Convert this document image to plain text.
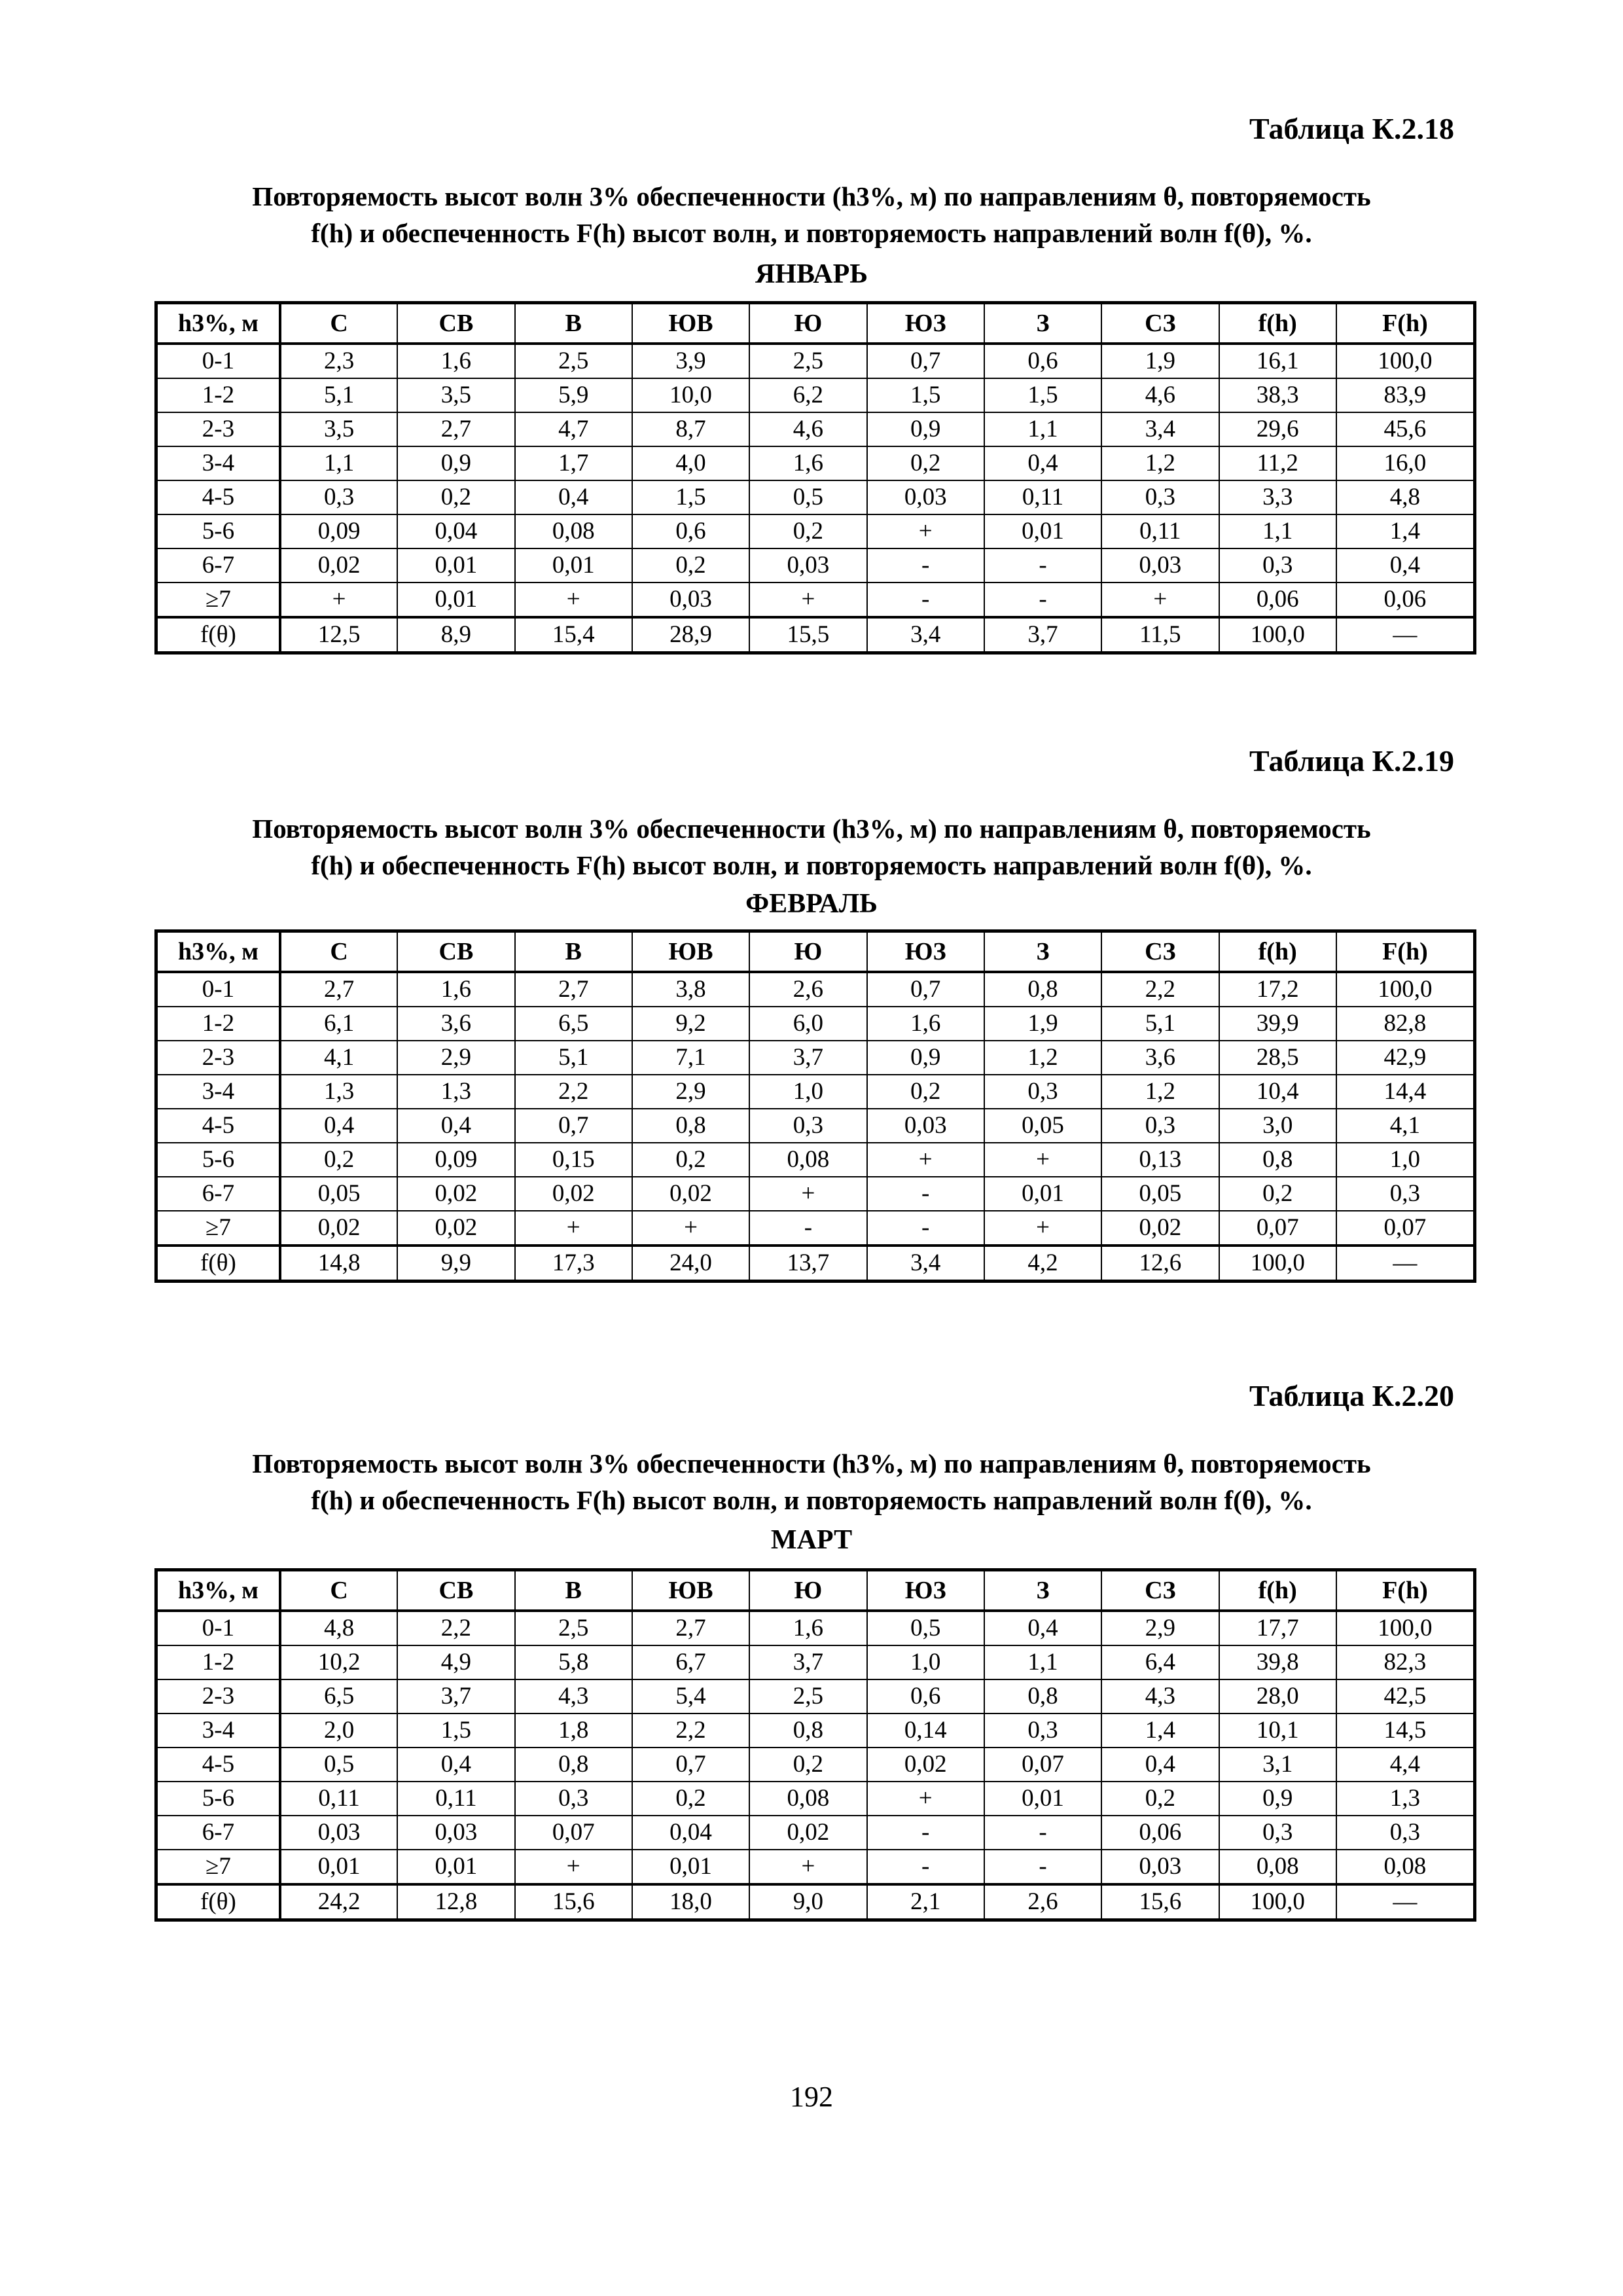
Таблица К.2.18
Повторяемость высот волн 3% обеспеченности (h3%, м) по направлениям θ, повторяемость
f(h) и обеспеченность F(h) высот волн, и повторяемость направлений волн f(θ), %.
ЯНВАРЬ
h3%, м	С	СВ	В	ЮВ	Ю	ЮЗ	З	СЗ	f(h)	F(h)
0-1	2,3	1,6	2,5	3,9	2,5	0,7	0,6	1,9	16,1	100,0
1-2	5,1	3,5	5,9	10,0	6,2	1,5	1,5	4,6	38,3	83,9
2-3	3,5	2,7	4,7	8,7	4,6	0,9	1,1	3,4	29,6	45,6
3-4	1,1	0,9	1,7	4,0	1,6	0,2	0,4	1,2	11,2	16,0
4-5	0,3	0,2	0,4	1,5	0,5	0,03	0,11	0,3	3,3	4,8
5-6	0,09	0,04	0,08	0,6	0,2	+	0,01	0,11	1,1	1,4
6-7	0,02	0,01	0,01	0,2	0,03	-	-	0,03	0,3	0,4
≥7	+	0,01	+	0,03	+	-	-	+	0,06	0,06
f(θ)	12,5	8,9	15,4	28,9	15,5	3,4	3,7	11,5	100,0	—
Таблица К.2.19
Повторяемость высот волн 3% обеспеченности (h3%, м) по направлениям θ, повторяемость
f(h) и обеспеченность F(h) высот волн, и повторяемость направлений волн f(θ), %.
ФЕВРАЛЬ
h3%, м	С	СВ	В	ЮВ	Ю	ЮЗ	З	СЗ	f(h)	F(h)
0-1	2,7	1,6	2,7	3,8	2,6	0,7	0,8	2,2	17,2	100,0
1-2	6,1	3,6	6,5	9,2	6,0	1,6	1,9	5,1	39,9	82,8
2-3	4,1	2,9	5,1	7,1	3,7	0,9	1,2	3,6	28,5	42,9
3-4	1,3	1,3	2,2	2,9	1,0	0,2	0,3	1,2	10,4	14,4
4-5	0,4	0,4	0,7	0,8	0,3	0,03	0,05	0,3	3,0	4,1
5-6	0,2	0,09	0,15	0,2	0,08	+	+	0,13	0,8	1,0
6-7	0,05	0,02	0,02	0,02	+	-	0,01	0,05	0,2	0,3
≥7	0,02	0,02	+	+	-	-	+	0,02	0,07	0,07
f(θ)	14,8	9,9	17,3	24,0	13,7	3,4	4,2	12,6	100,0	—
Таблица К.2.20
Повторяемость высот волн 3% обеспеченности (h3%, м) по направлениям θ, повторяемость
f(h) и обеспеченность F(h) высот волн, и повторяемость направлений волн f(θ), %.
МАРТ
h3%, м	С	СВ	В	ЮВ	Ю	ЮЗ	З	СЗ	f(h)	F(h)
0-1	4,8	2,2	2,5	2,7	1,6	0,5	0,4	2,9	17,7	100,0
1-2	10,2	4,9	5,8	6,7	3,7	1,0	1,1	6,4	39,8	82,3
2-3	6,5	3,7	4,3	5,4	2,5	0,6	0,8	4,3	28,0	42,5
3-4	2,0	1,5	1,8	2,2	0,8	0,14	0,3	1,4	10,1	14,5
4-5	0,5	0,4	0,8	0,7	0,2	0,02	0,07	0,4	3,1	4,4
5-6	0,11	0,11	0,3	0,2	0,08	+	0,01	0,2	0,9	1,3
6-7	0,03	0,03	0,07	0,04	0,02	-	-	0,06	0,3	0,3
≥7	0,01	0,01	+	0,01	+	-	-	0,03	0,08	0,08
f(θ)	24,2	12,8	15,6	18,0	9,0	2,1	2,6	15,6	100,0	—
192
